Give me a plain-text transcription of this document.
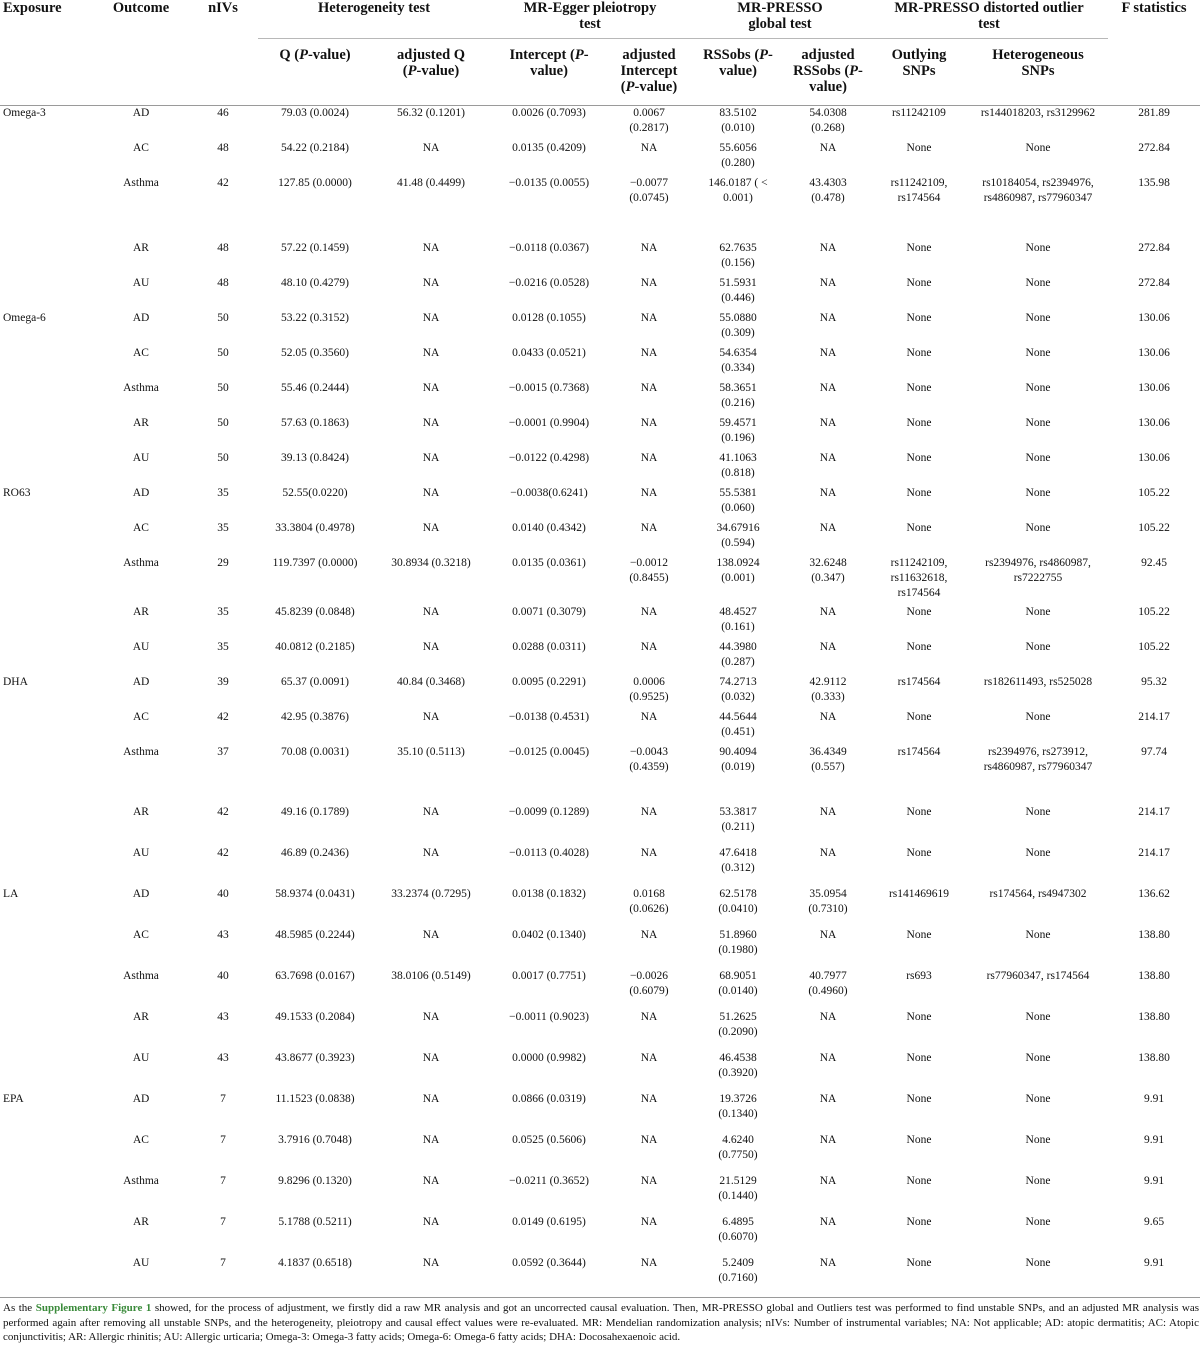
Exposure	Outcome	nIVs	Heterogeneity test		MR-Egger pleiotropy test		MR-PRESSO global test		MR-PRESSO distorted outlier test		F statistics
			Q (P-value)	adjusted Q (P-value)	Intercept (P-value)	adjusted Intercept (P-value)	RSSobs (P-value)	adjusted RSSobs (P-value)	Outlying SNPs	Heterogeneous SNPs	
Omega-3	AD	46	79.03 (0.0024)	56.32 (0.1201)	0.0026 (0.7093)	0.0067 (0.2817)	83.5102 (0.010)	54.0308 (0.268)	rs11242109	rs144018203, rs3129962	281.89
	AC	48	54.22 (0.2184)	NA	0.0135 (0.4209)	NA	55.6056 (0.280)	NA	None	None	272.84
	Asthma	42	127.85 (0.0000)	41.48 (0.4499)	−0.0135 (0.0055)	−0.0077 (0.0745)	146.0187 ( < 0.001)	43.4303 (0.478)	rs11242109, rs174564	rs10184054, rs2394976, rs4860987, rs77960347	135.98
	AR	48	57.22 (0.1459)	NA	−0.0118 (0.0367)	NA	62.7635 (0.156)	NA	None	None	272.84
	AU	48	48.10 (0.4279)	NA	−0.0216 (0.0528)	NA	51.5931 (0.446)	NA	None	None	272.84
Omega-6	AD	50	53.22 (0.3152)	NA	0.0128 (0.1055)	NA	55.0880 (0.309)	NA	None	None	130.06
	AC	50	52.05 (0.3560)	NA	0.0433 (0.0521)	NA	54.6354 (0.334)	NA	None	None	130.06
	Asthma	50	55.46 (0.2444)	NA	−0.0015 (0.7368)	NA	58.3651 (0.216)	NA	None	None	130.06
	AR	50	57.63 (0.1863)	NA	−0.0001 (0.9904)	NA	59.4571 (0.196)	NA	None	None	130.06
	AU	50	39.13 (0.8424)	NA	−0.0122 (0.4298)	NA	41.1063 (0.818)	NA	None	None	130.06
RO63	AD	35	52.55(0.0220)	NA	−0.0038(0.6241)	NA	55.5381 (0.060)	NA	None	None	105.22
	AC	35	33.3804 (0.4978)	NA	0.0140 (0.4342)	NA	34.67916 (0.594)	NA	None	None	105.22
	Asthma	29	119.7397 (0.0000)	30.8934 (0.3218)	0.0135 (0.0361)	−0.0012 (0.8455)	138.0924 (0.001)	32.6248 (0.347)	rs11242109, rs11632618, rs174564	rs2394976, rs4860987, rs7222755	92.45
	AR	35	45.8239 (0.0848)	NA	0.0071 (0.3079)	NA	48.4527 (0.161)	NA	None	None	105.22
	AU	35	40.0812 (0.2185)	NA	0.0288 (0.0311)	NA	44.3980 (0.287)	NA	None	None	105.22
DHA	AD	39	65.37 (0.0091)	40.84 (0.3468)	0.0095 (0.2291)	0.0006 (0.9525)	74.2713 (0.032)	42.9112 (0.333)	rs174564	rs182611493, rs525028	95.32
	AC	42	42.95 (0.3876)	NA	−0.0138 (0.4531)	NA	44.5644 (0.451)	NA	None	None	214.17
	Asthma	37	70.08 (0.0031)	35.10 (0.5113)	−0.0125 (0.0045)	−0.0043 (0.4359)	90.4094 (0.019)	36.4349 (0.557)	rs174564	rs2394976, rs273912, rs4860987, rs77960347	97.74
	AR	42	49.16 (0.1789)	NA	−0.0099 (0.1289)	NA	53.3817 (0.211)	NA	None	None	214.17
	AU	42	46.89 (0.2436)	NA	−0.0113 (0.4028)	NA	47.6418 (0.312)	NA	None	None	214.17
LA	AD	40	58.9374 (0.0431)	33.2374 (0.7295)	0.0138 (0.1832)	0.0168 (0.0626)	62.5178 (0.0410)	35.0954 (0.7310)	rs141469619	rs174564, rs4947302	136.62
	AC	43	48.5985 (0.2244)	NA	0.0402 (0.1340)	NA	51.8960 (0.1980)	NA	None	None	138.80
	Asthma	40	63.7698 (0.0167)	38.0106 (0.5149)	0.0017 (0.7751)	−0.0026 (0.6079)	68.9051 (0.0140)	40.7977 (0.4960)	rs693	rs77960347, rs174564	138.80
	AR	43	49.1533 (0.2084)	NA	−0.0011 (0.9023)	NA	51.2625 (0.2090)	NA	None	None	138.80
	AU	43	43.8677 (0.3923)	NA	0.0000 (0.9982)	NA	46.4538 (0.3920)	NA	None	None	138.80
EPA	AD	7	11.1523 (0.0838)	NA	0.0866 (0.0319)	NA	19.3726 (0.1340)	NA	None	None	9.91
	AC	7	3.7916 (0.7048)	NA	0.0525 (0.5606)	NA	4.6240 (0.7750)	NA	None	None	9.91
	Asthma	7	9.8296 (0.1320)	NA	−0.0211 (0.3652)	NA	21.5129 (0.1440)	NA	None	None	9.91
	AR	7	5.1788 (0.5211)	NA	0.0149 (0.6195)	NA	6.4895 (0.6070)	NA	None	None	9.65
	AU	7	4.1837 (0.6518)	NA	0.0592 (0.3644)	NA	5.2409 (0.7160)	NA	None	None	9.91
As the Supplementary Figure 1 showed, for the process of adjustment, we firstly did a raw MR analysis and got an uncorrected causal evaluation. Then, MR-PRESSO global and Outliers test was performed to find unstable SNPs, and an adjusted MR analysis was performed again after removing all unstable SNPs, and the heterogeneity, pleiotropy and causal effect values were re-evaluated. MR: Mendelian randomization analysis; nIVs: Number of instrumental variables; NA: Not applicable; AD: atopic dermatitis; AC: Atopic conjunctivitis; AR: Allergic rhinitis; AU: Allergic urticaria; Omega-3: Omega-3 fatty acids; Omega-6: Omega-6 fatty acids; DHA: Docosahexaenoic acid.
